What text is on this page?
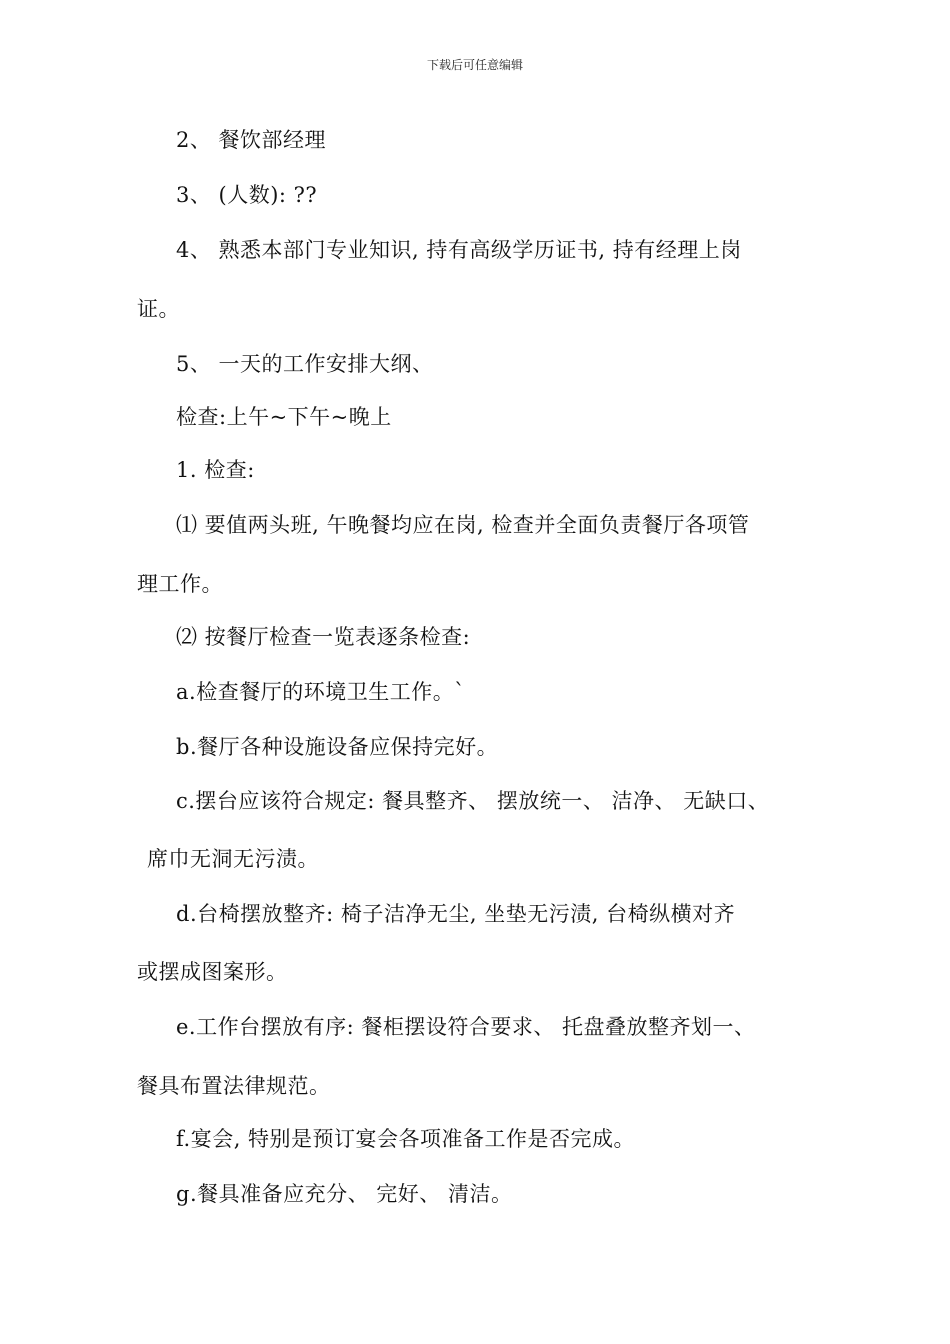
下载后可任意编辑
2、 餐饮部经理
3、 (人数): ??
4、 熟悉本部门专业知识, 持有高级学历证书, 持有经理上岗
证。
5、 一天的工作安排大纲、
检查:上午~下午~晚上
1. 检查:
⑴ 要值两头班, 午晚餐均应在岗, 检查并全面负责餐厅各项管
理工作。
⑵ 按餐厅检查一览表逐条检查:
a.检查餐厅的环境卫生工作。`
b.餐厅各种设施设备应保持完好。
c.摆台应该符合规定: 餐具整齐、 摆放统一、 洁净、 无缺口、
席巾无洞无污渍。
d.台椅摆放整齐: 椅子洁净无尘, 坐垫无污渍, 台椅纵横对齐
或摆成图案形。
e.工作台摆放有序: 餐柜摆设符合要求、 托盘叠放整齐划一、
餐具布置法律规范。
f.宴会, 特别是预订宴会各项准备工作是否完成。
g.餐具准备应充分、 完好、 清洁。
